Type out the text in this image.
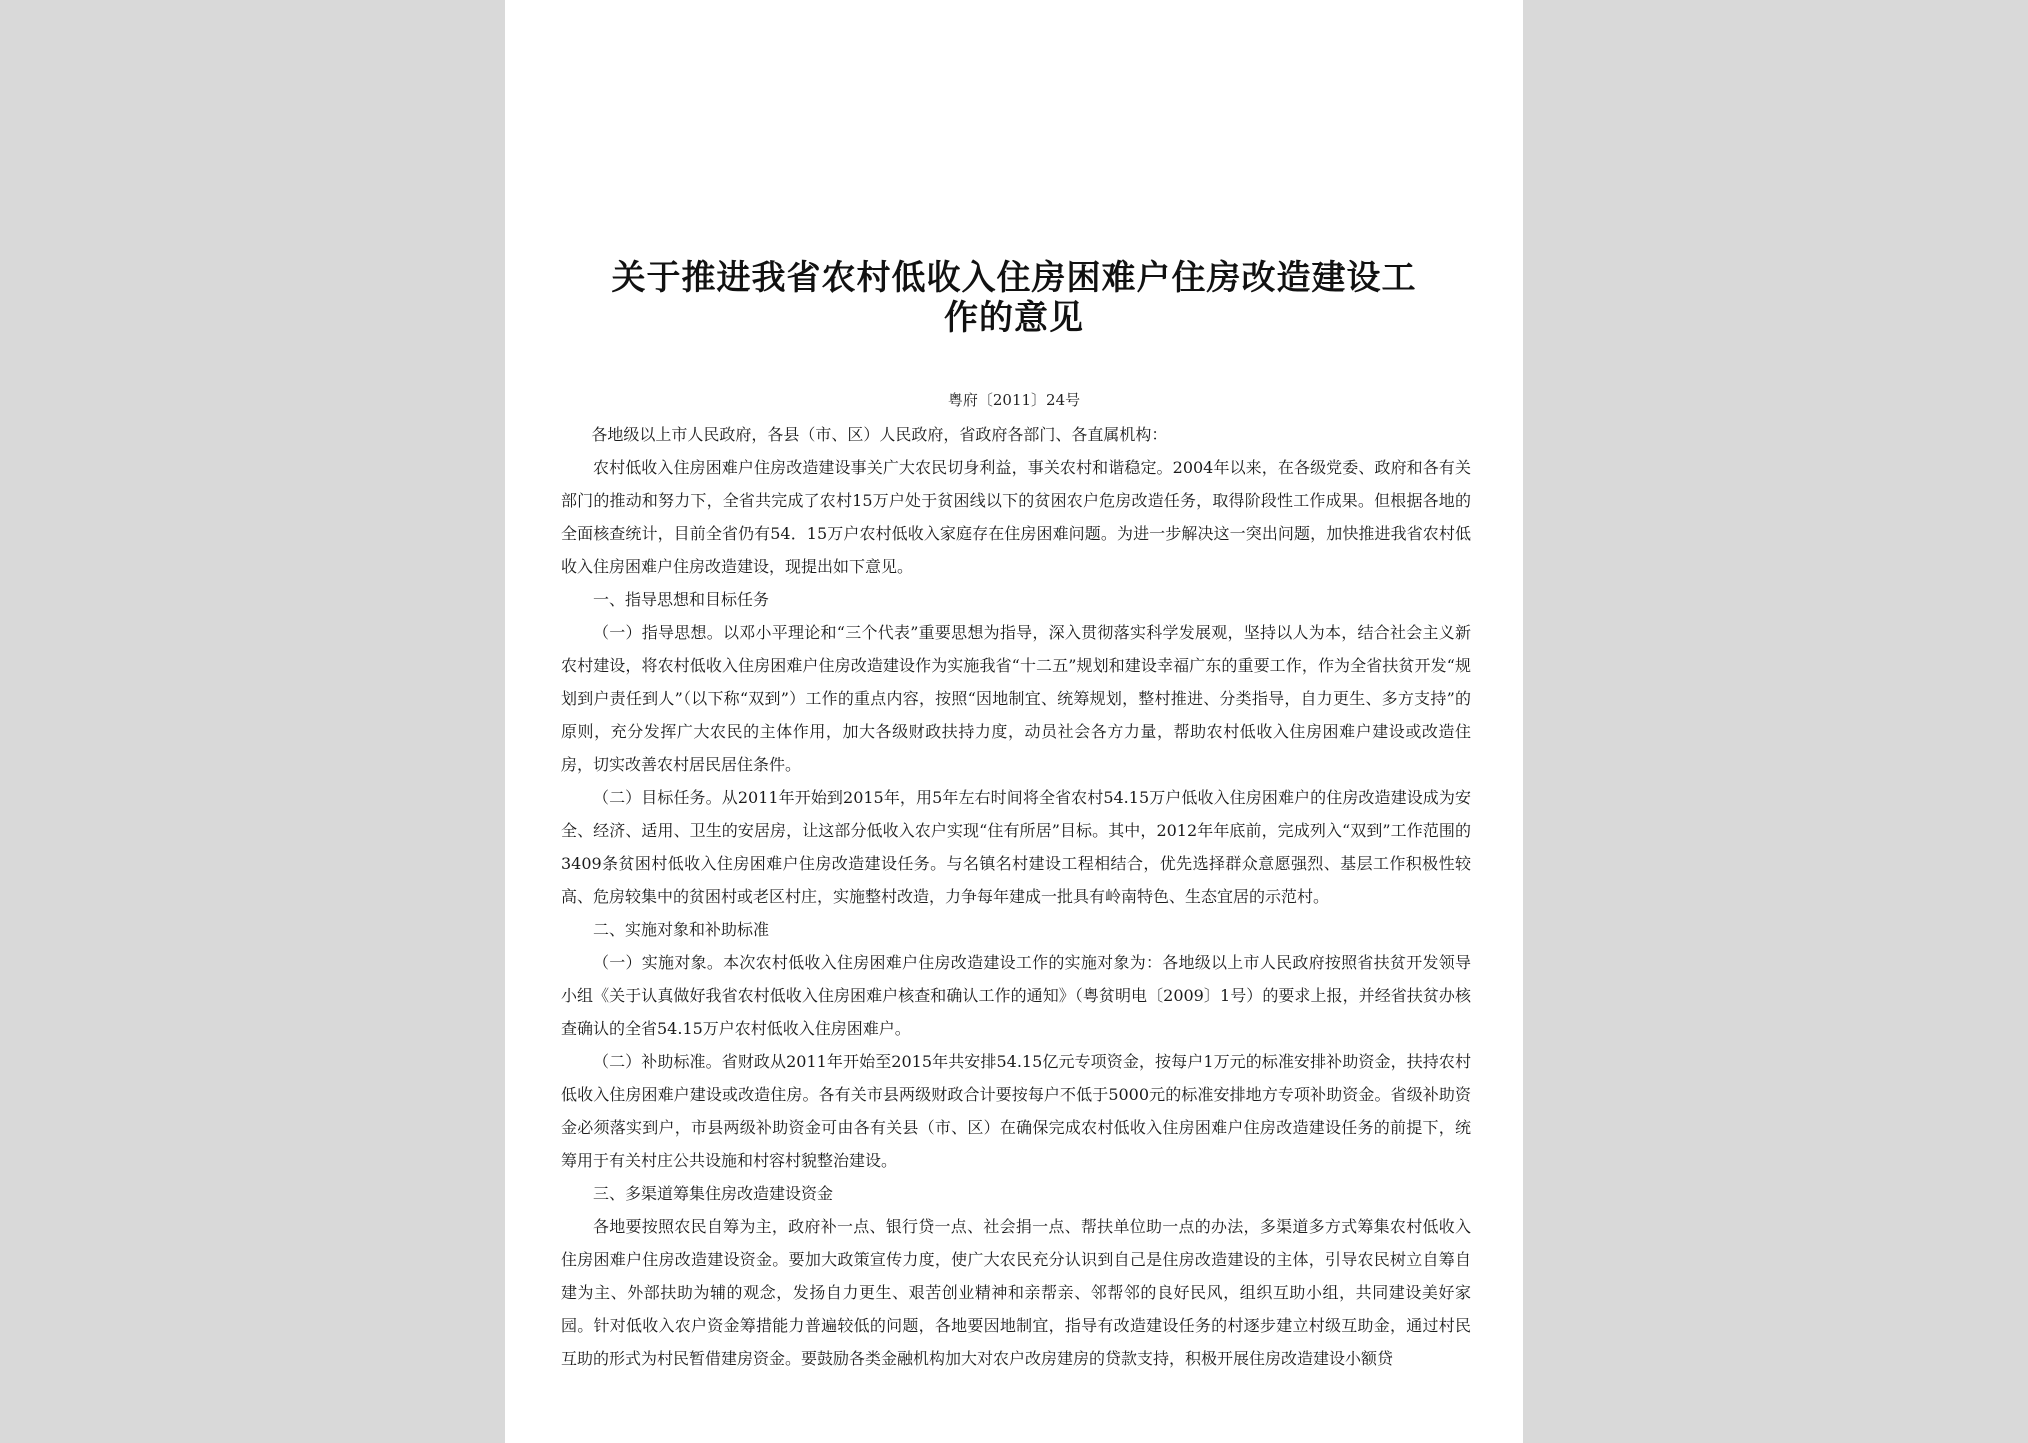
关于推进我省农村低收入住房困难户住房改造建设工作的意见
粤府〔2011〕24号

各地级以上市人民政府，各县（市、区）人民政府，省政府各部门、各直属机构：

农村低收入住房困难户住房改造建设事关广大农民切身利益，事关农村和谐稳定。2004年以来，在各级党委、政府和各有关部门的推动和努力下，全省共完成了农村15万户处于贫困线以下的贫困农户危房改造任务，取得阶段性工作成果。但根据各地的全面核查统计，目前全省仍有54．15万户农村低收入家庭存在住房困难问题。为进一步解决这一突出问题，加快推进我省农村低收入住房困难户住房改造建设，现提出如下意见。

一、指导思想和目标任务

（一）指导思想。以邓小平理论和“三个代表”重要思想为指导，深入贯彻落实科学发展观，坚持以人为本，结合社会主义新农村建设，将农村低收入住房困难户住房改造建设作为实施我省“十二五”规划和建设幸福广东的重要工作，作为全省扶贫开发“规划到户责任到人”（以下称“双到”）工作的重点内容，按照“因地制宜、统筹规划，整村推进、分类指导，自力更生、多方支持”的原则，充分发挥广大农民的主体作用，加大各级财政扶持力度，动员社会各方力量，帮助农村低收入住房困难户建设或改造住房，切实改善农村居民居住条件。

（二）目标任务。从2011年开始到2015年，用5年左右时间将全省农村54.15万户低收入住房困难户的住房改造建设成为安全、经济、适用、卫生的安居房，让这部分低收入农户实现“住有所居”目标。其中，2012年年底前，完成列入“双到”工作范围的3409条贫困村低收入住房困难户住房改造建设任务。与名镇名村建设工程相结合，优先选择群众意愿强烈、基层工作积极性较高、危房较集中的贫困村或老区村庄，实施整村改造，力争每年建成一批具有岭南特色、生态宜居的示范村。

二、实施对象和补助标准

（一）实施对象。本次农村低收入住房困难户住房改造建设工作的实施对象为：各地级以上市人民政府按照省扶贫开发领导小组《关于认真做好我省农村低收入住房困难户核查和确认工作的通知》（粤贫明电〔2009〕1号）的要求上报，并经省扶贫办核查确认的全省54.15万户农村低收入住房困难户。

（二）补助标准。省财政从2011年开始至2015年共安排54.15亿元专项资金，按每户1万元的标准安排补助资金，扶持农村低收入住房困难户建设或改造住房。各有关市县两级财政合计要按每户不低于5000元的标准安排地方专项补助资金。省级补助资金必须落实到户，市县两级补助资金可由各有关县（市、区）在确保完成农村低收入住房困难户住房改造建设任务的前提下，统筹用于有关村庄公共设施和村容村貌整治建设。

三、多渠道筹集住房改造建设资金

各地要按照农民自筹为主，政府补一点、银行贷一点、社会捐一点、帮扶单位助一点的办法，多渠道多方式筹集农村低收入住房困难户住房改造建设资金。要加大政策宣传力度，使广大农民充分认识到自己是住房改造建设的主体，引导农民树立自筹自建为主、外部扶助为辅的观念，发扬自力更生、艰苦创业精神和亲帮亲、邻帮邻的良好民风，组织互助小组，共同建设美好家园。针对低收入农户资金筹措能力普遍较低的问题，各地要因地制宜，指导有改造建设任务的村逐步建立村级互助金，通过村民互助的形式为村民暂借建房资金。要鼓励各类金融机构加大对农户改房建房的贷款支持，积极开展住房改造建设小额贷
